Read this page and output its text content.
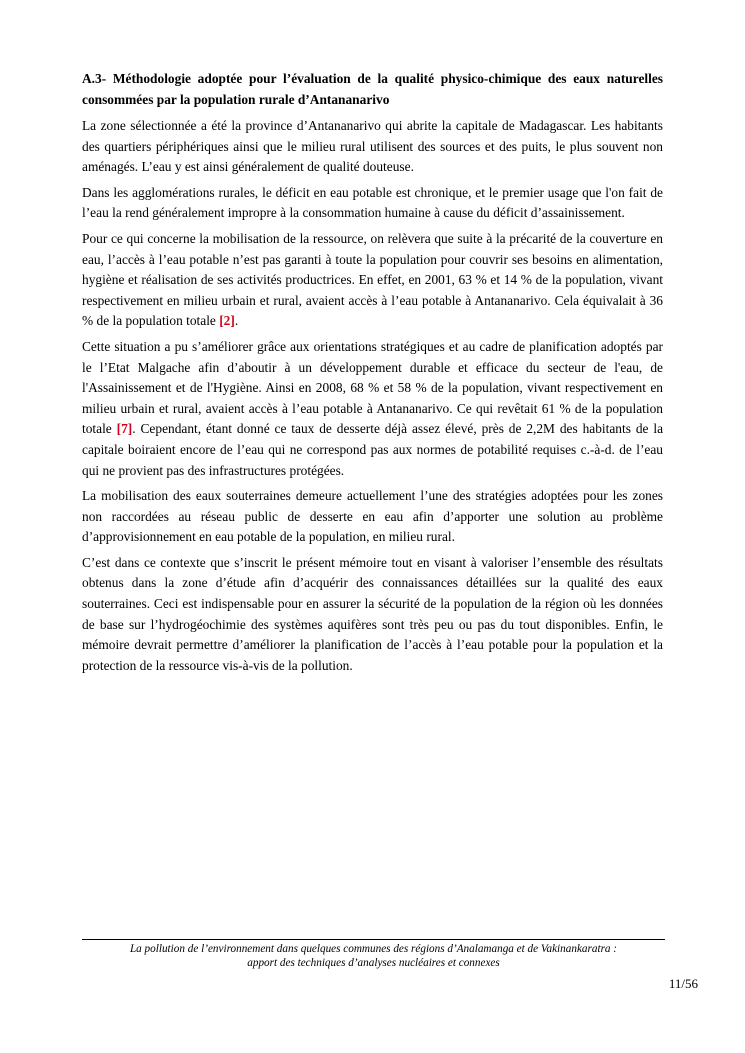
A.3- Méthodologie adoptée pour l’évaluation de la qualité physico-chimique des eaux naturelles consommées par la population rurale d’Antananarivo

La zone sélectionnée a été la province d’Antananarivo qui abrite la capitale de Madagascar. Les habitants des quartiers périphériques ainsi que le milieu rural utilisent des sources et des puits, le plus souvent non aménagés. L’eau y est ainsi généralement de qualité douteuse.

Dans les agglomérations rurales, le déficit en eau potable est chronique, et le premier usage que l'on fait de l’eau la rend généralement impropre à la consommation humaine à cause du déficit d’assainissement.

Pour ce qui concerne la mobilisation de la ressource, on relèvera que suite à la précarité de la couverture en eau, l’accès à l’eau potable n’est pas garanti à toute la population pour couvrir ses besoins en alimentation, hygiène et réalisation de ses activités productrices. En effet, en 2001, 63 % et 14 % de la population, vivant respectivement en milieu urbain et rural, avaient accès à l’eau potable à Antananarivo. Cela équivalait à 36 % de la population totale [2].

Cette situation a pu s’améliorer grâce aux orientations stratégiques et au cadre de planification adoptés par le l’Etat Malgache afin d’aboutir à un développement durable et efficace du secteur de l'eau, de l'Assainissement et de l'Hygiène. Ainsi en 2008, 68 % et 58 % de la population, vivant respectivement en milieu urbain et rural, avaient accès à l’eau potable à Antananarivo. Ce qui revêtait 61 % de la population totale [7]. Cependant, étant donné ce taux de desserte déjà assez élevé, près de 2,2M des habitants de la capitale boiraient encore de l’eau qui ne correspond pas aux normes de potabilité requises c.-à-d. de l’eau qui ne provient pas des infrastructures protégées.

La mobilisation des eaux souterraines demeure actuellement l’une des stratégies adoptées pour les zones non raccordées au réseau public de desserte en eau afin d’apporter une solution au problème d’approvisionnement en eau potable de la population, en milieu rural.

C’est dans ce contexte que s’inscrit le présent mémoire tout en visant à valoriser l’ensemble des résultats obtenus dans la zone d’étude afin d’acquérir des connaissances détaillées sur la qualité des eaux souterraines. Ceci est indispensable pour en assurer la sécurité de la population de la région où les données de base sur l’hydrogéochimie des systèmes aquifères sont très peu ou pas du tout disponibles. Enfin, le mémoire devrait permettre d’améliorer la planification de l’accès à l’eau potable pour la population et la protection de la ressource vis-à-vis de la pollution.

La pollution de l’environnement dans quelques communes des régions d’Analamanga et de Vakinankaratra :
apport des techniques d’analyses nucléaires et connexes
11/56
